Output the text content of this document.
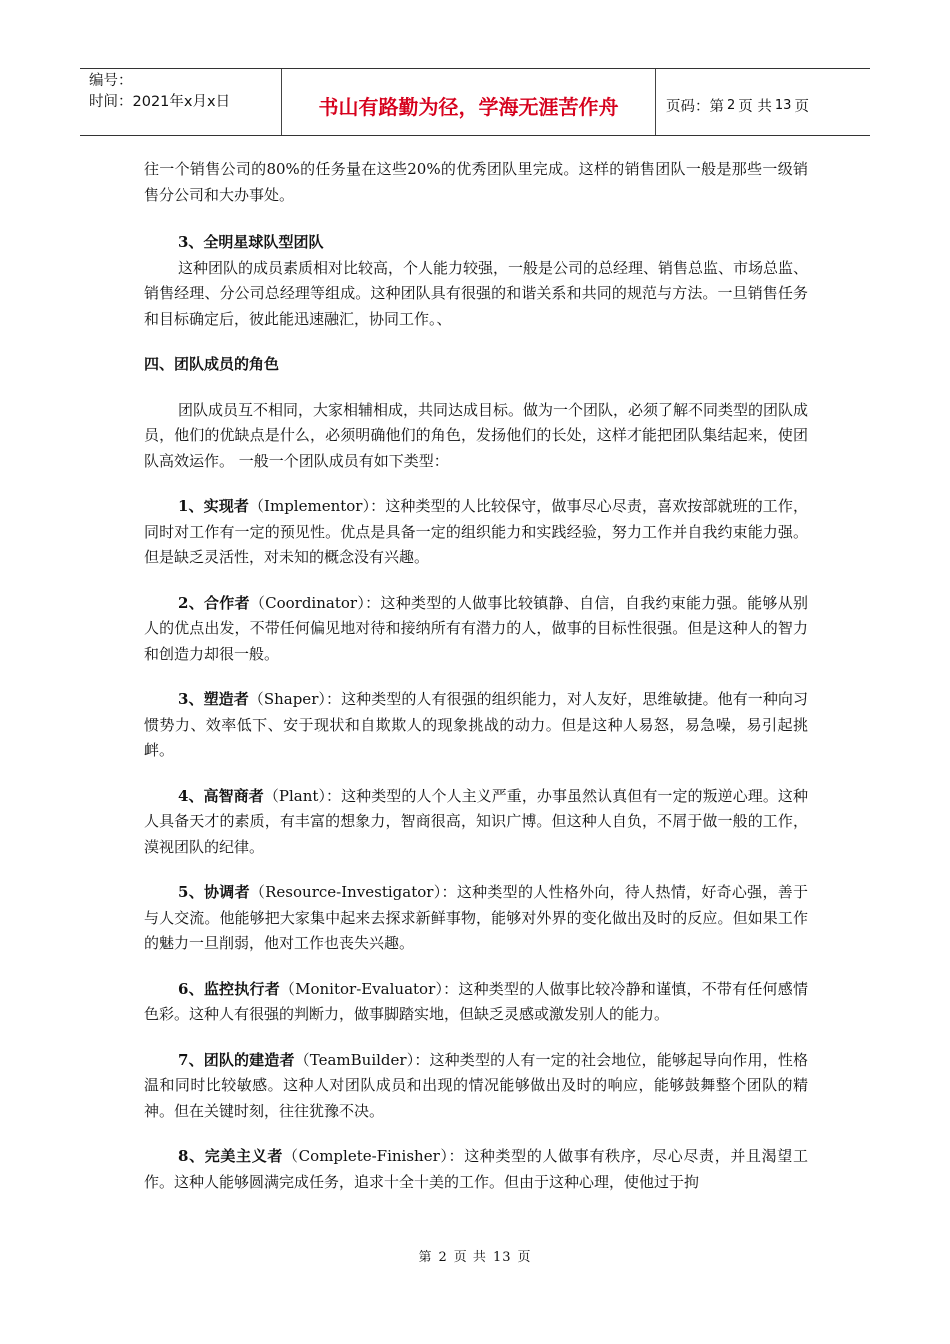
编号：
时间：2021年x月x日	书山有路勤为径，学海无涯苦作舟	页码：第 2 页 共 13 页

往一个销售公司的80%的任务量在这些20%的优秀团队里完成。这样的销售团队一般是那些一级销售分公司和大办事处。

3、全明星球队型团队

这种团队的成员素质相对比较高，个人能力较强，一般是公司的总经理、销售总监、市场总监、销售经理、分公司总经理等组成。这种团队具有很强的和谐关系和共同的规范与方法。一旦销售任务和目标确定后，彼此能迅速融汇，协同工作。、

四、团队成员的角色

团队成员互不相同，大家相辅相成，共同达成目标。做为一个团队，必须了解不同类型的团队成员，他们的优缺点是什么，必须明确他们的角色，发扬他们的长处，这样才能把团队集结起来，使团队高效运作。 一般一个团队成员有如下类型：

1、实现者（Implementor）：这种类型的人比较保守，做事尽心尽责，喜欢按部就班的工作，同时对工作有一定的预见性。优点是具备一定的组织能力和实践经验，努力工作并自我约束能力强。但是缺乏灵活性，对未知的概念没有兴趣。

2、合作者（Coordinator）：这种类型的人做事比较镇静、自信，自我约束能力强。能够从别人的优点出发，不带任何偏见地对待和接纳所有有潜力的人，做事的目标性很强。但是这种人的智力和创造力却很一般。

3、塑造者（Shaper）：这种类型的人有很强的组织能力，对人友好，思维敏捷。他有一种向习惯势力、效率低下、安于现状和自欺欺人的现象挑战的动力。但是这种人易怒，易急噪，易引起挑衅。

4、高智商者（Plant）：这种类型的人个人主义严重，办事虽然认真但有一定的叛逆心理。这种人具备天才的素质，有丰富的想象力，智商很高，知识广博。但这种人自负，不屑于做一般的工作，漠视团队的纪律。

5、协调者（Resource-Investigator）：这种类型的人性格外向，待人热情，好奇心强，善于与人交流。他能够把大家集中起来去探求新鲜事物，能够对外界的变化做出及时的反应。但如果工作的魅力一旦削弱，他对工作也丧失兴趣。

6、监控执行者（Monitor-Evaluator）：这种类型的人做事比较冷静和谨慎，不带有任何感情色彩。这种人有很强的判断力，做事脚踏实地，但缺乏灵感或激发别人的能力。

7、团队的建造者（TeamBuilder）：这种类型的人有一定的社会地位，能够起导向作用，性格温和同时比较敏感。这种人对团队成员和出现的情况能够做出及时的响应，能够鼓舞整个团队的精神。但在关键时刻，往往犹豫不决。

8、完美主义者（Complete-Finisher）：这种类型的人做事有秩序，尽心尽责，并且渴望工作。这种人能够圆满完成任务，追求十全十美的工作。但由于这种心理，使他过于拘

第 2 页 共 13 页
